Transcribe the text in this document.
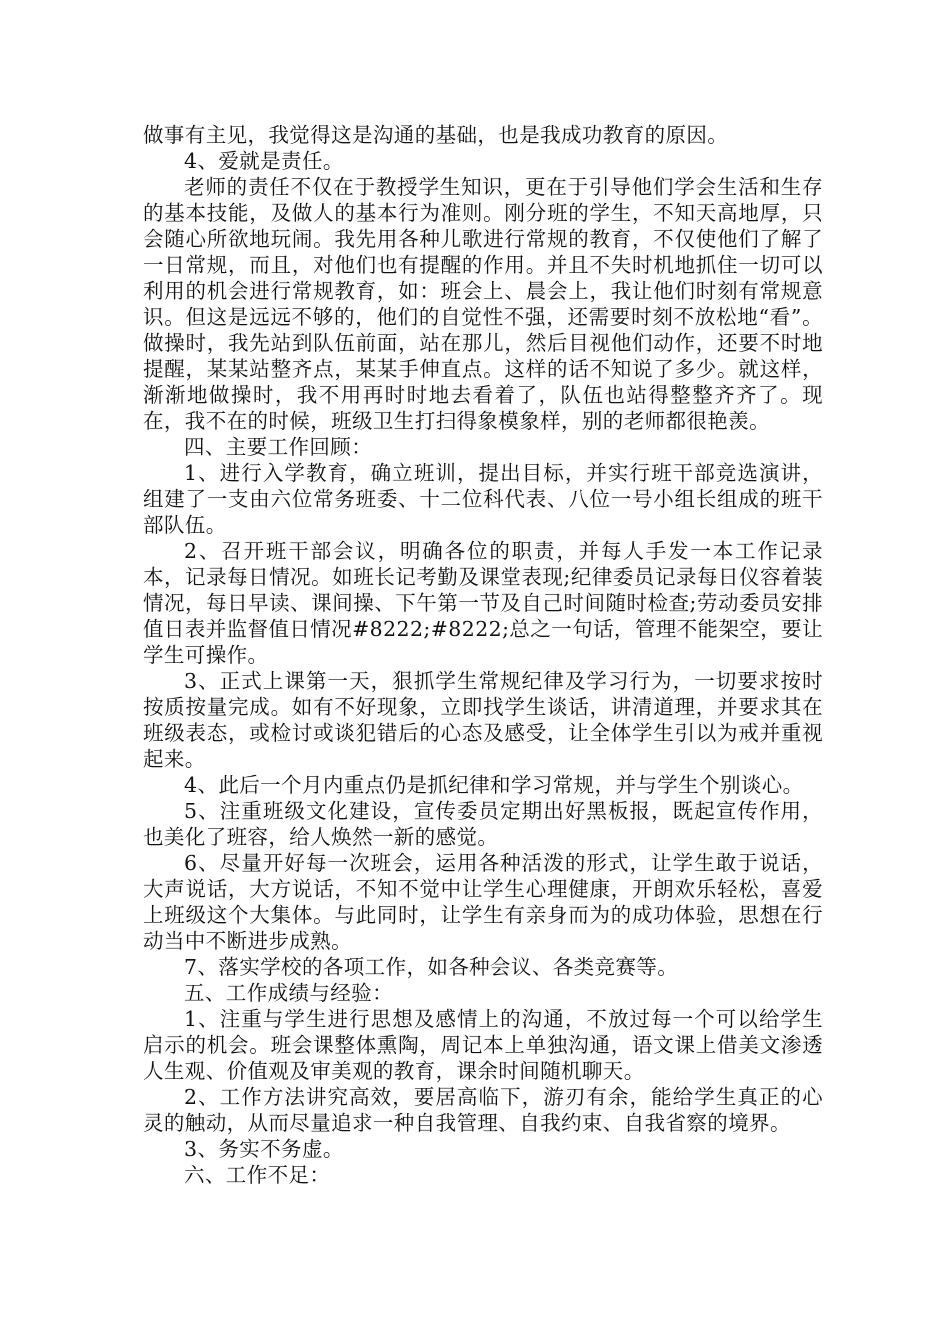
做事有主见，我觉得这是沟通的基础，也是我成功教育的原因。

4、爱就是责任。

老师的责任不仅在于教授学生知识，更在于引导他们学会生活和生存的基本技能，及做人的基本行为准则。刚分班的学生，不知天高地厚，只会随心所欲地玩闹。我先用各种儿歌进行常规的教育，不仅使他们了解了一日常规，而且，对他们也有提醒的作用。并且不失时机地抓住一切可以利用的机会进行常规教育，如：班会上、晨会上，我让他们时刻有常规意识。但这是远远不够的，他们的自觉性不强，还需要时刻不放松地“看”。做操时，我先站到队伍前面，站在那儿，然后目视他们动作，还要不时地提醒，某某站整齐点，某某手伸直点。这样的话不知说了多少。就这样，渐渐地做操时，我不用再时时地去看着了，队伍也站得整整齐齐了。现在，我不在的时候，班级卫生打扫得象模象样，别的老师都很艳羡。

四、主要工作回顾：

1、进行入学教育，确立班训，提出目标，并实行班干部竞选演讲，组建了一支由六位常务班委、十二位科代表、八位一号小组长组成的班干部队伍。

2、召开班干部会议，明确各位的职责，并每人手发一本工作记录本，记录每日情况。如班长记考勤及课堂表现;纪律委员记录每日仪容着装情况，每日早读、课间操、下午第一节及自己时间随时检查;劳动委员安排值日表并监督值日情况#8222;#8222;总之一句话，管理不能架空，要让学生可操作。

3、正式上课第一天，狠抓学生常规纪律及学习行为，一切要求按时按质按量完成。如有不好现象，立即找学生谈话，讲清道理，并要求其在班级表态，或检讨或谈犯错后的心态及感受，让全体学生引以为戒并重视起来。

4、此后一个月内重点仍是抓纪律和学习常规，并与学生个别谈心。

5、注重班级文化建设，宣传委员定期出好黑板报，既起宣传作用，也美化了班容，给人焕然一新的感觉。

6、尽量开好每一次班会，运用各种活泼的形式，让学生敢于说话，大声说话，大方说话，不知不觉中让学生心理健康，开朗欢乐轻松，喜爱上班级这个大集体。与此同时，让学生有亲身而为的成功体验，思想在行动当中不断进步成熟。

7、落实学校的各项工作，如各种会议、各类竞赛等。

五、工作成绩与经验：

1、注重与学生进行思想及感情上的沟通，不放过每一个可以给学生启示的机会。班会课整体熏陶，周记本上单独沟通，语文课上借美文渗透人生观、价值观及审美观的教育，课余时间随机聊天。

2、工作方法讲究高效，要居高临下，游刃有余，能给学生真正的心灵的触动，从而尽量追求一种自我管理、自我约束、自我省察的境界。

3、务实不务虚。

六、工作不足：
